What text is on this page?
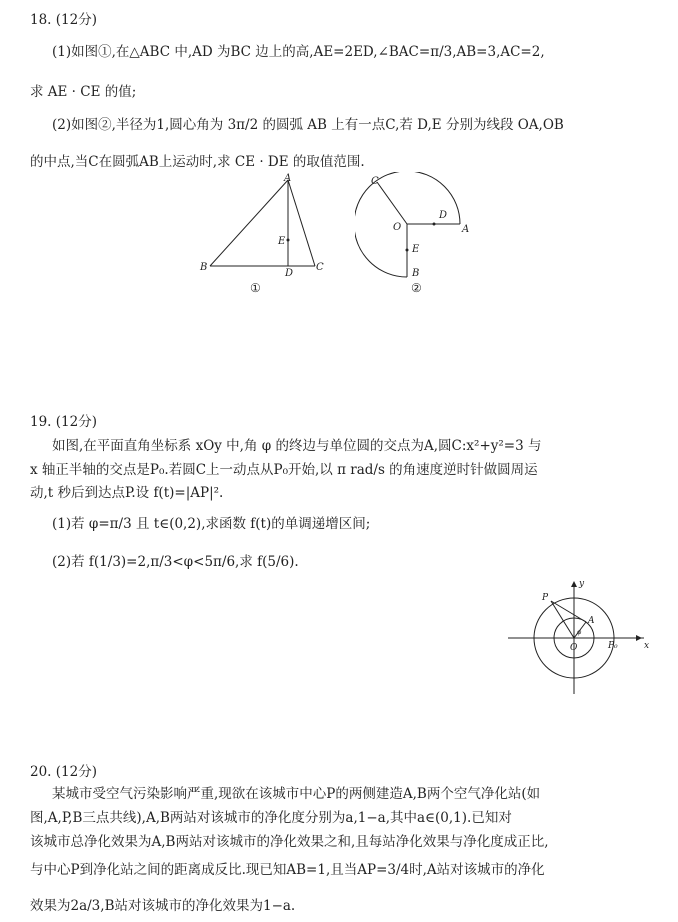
18. (12分)
(1)如图①,在△ABC 中,AD 为BC 边上的高,AE=2ED,∠BAC=π/3,AB=3,AC=2,
求 AE · CE 的值;
(2)如图②,半径为1,圆心角为 3π/2 的圆弧 AB 上有一点C,若 D,E 分别为线段 OA,OB
的中点,当C在圆弧AB上运动时,求 CE · DE 的取值范围.
A
B	C
D
E
①
C
O
D
A
E
B
②
19. (12分)
如图,在平面直角坐标系 xOy 中,角 φ 的终边与单位圆的交点为A,圆C:x²+y²=3 与
x 轴正半轴的交点是P₀.若圆C上一动点从P₀开始,以 π rad/s 的角速度逆时针做圆周运
动,t 秒后到达点P.设 f(t)=|AP|².
(1)若 φ=π/3 且 t∈(0,2),求函数 f(t)的单调递增区间;
(2)若 f(1/3)=2,π/3<φ<5π/6,求 f(5/6).
y
x
P
A
φ
O	P₀
20. (12分)
某城市受空气污染影响严重,现欲在该城市中心P的两侧建造A,B两个空气净化站(如
图,A,P,B三点共线),A,B两站对该城市的净化度分别为a,1−a,其中a∈(0,1).已知对
该城市总净化效果为A,B两站对该城市的净化效果之和,且每站净化效果与净化度成正比,
与中心P到净化站之间的距离成反比.现已知AB=1,且当AP=3/4时,A站对该城市的净化
效果为2a/3,B站对该城市的净化效果为1−a.
